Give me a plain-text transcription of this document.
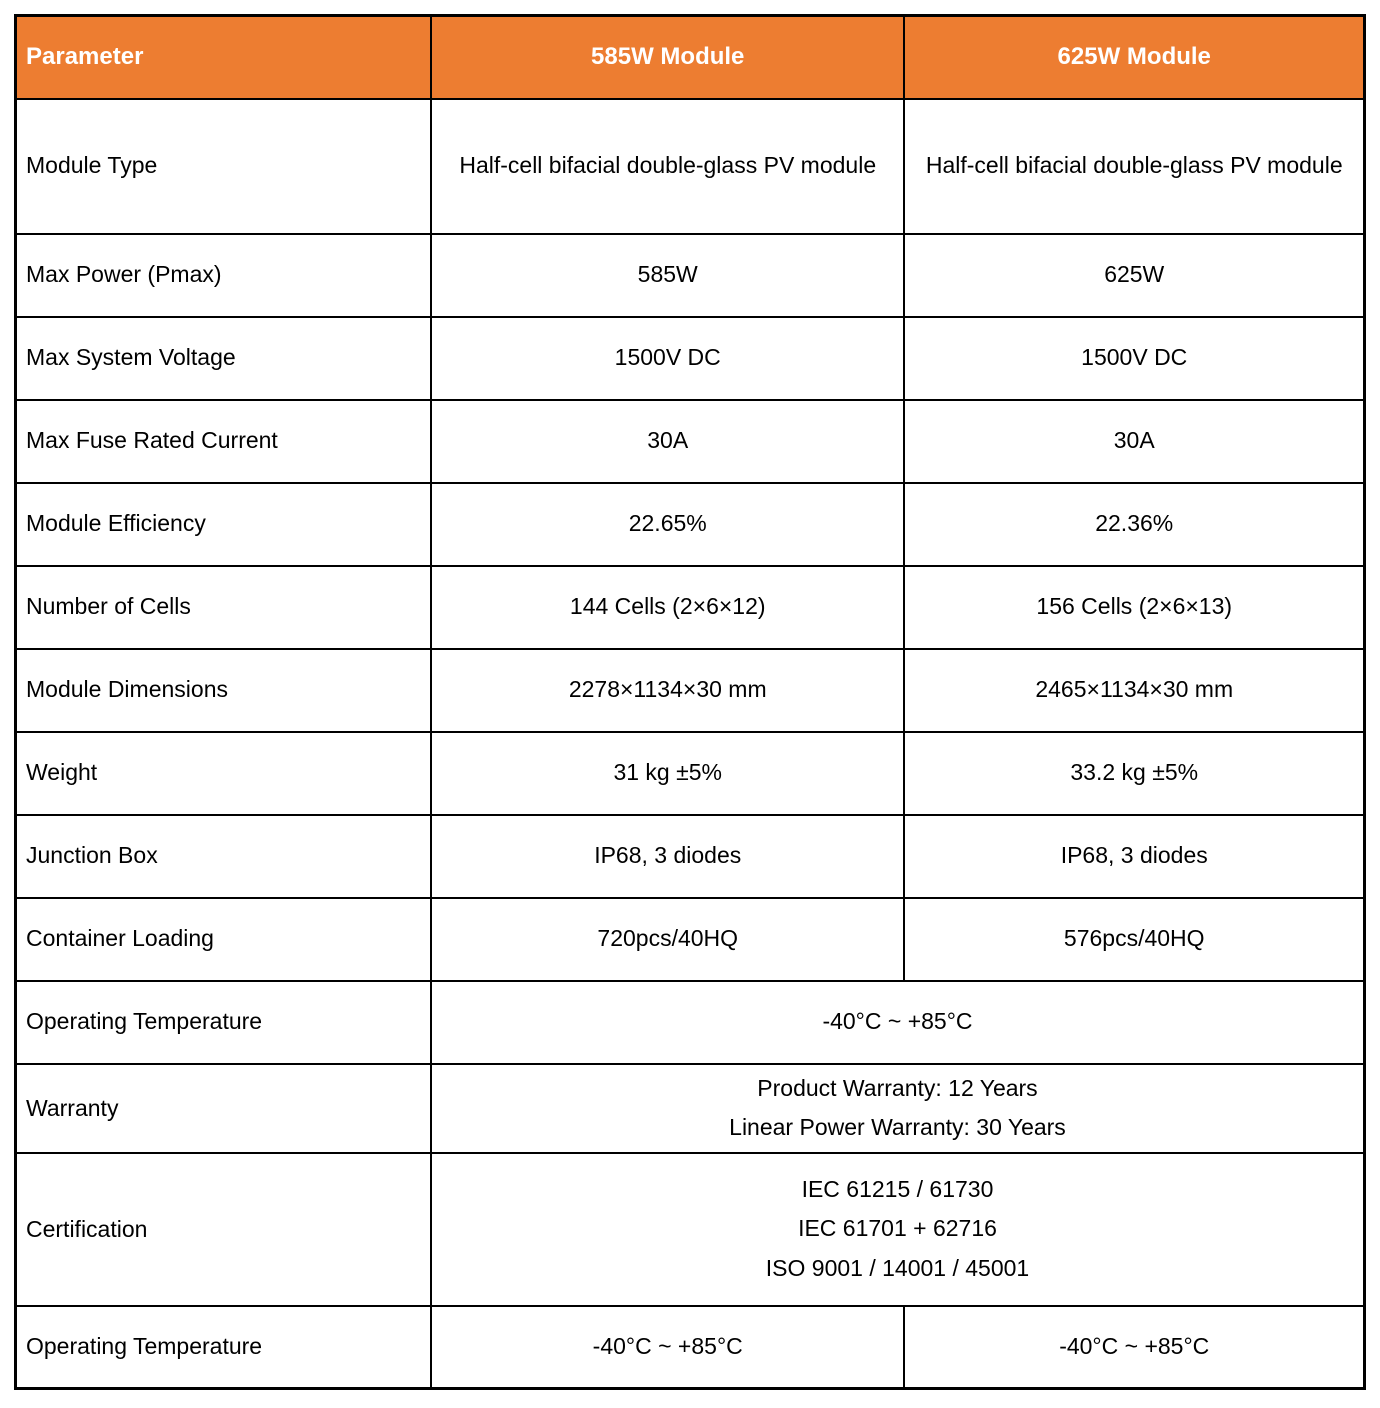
Parameter	585W Module	625W Module
Module Type	Half-cell bifacial double-glass PV module	Half-cell bifacial double-glass PV module
Max Power (Pmax)	585W	625W
Max System Voltage	1500V DC	1500V DC
Max Fuse Rated Current	30A	30A
Module Efficiency	22.65%	22.36%
Number of Cells	144 Cells (2×6×12)	156 Cells (2×6×13)
Module Dimensions	2278×1134×30 mm	2465×1134×30 mm
Weight	31 kg ±5%	33.2 kg ±5%
Junction Box	IP68, 3 diodes	IP68, 3 diodes
Container Loading	720pcs/40HQ	576pcs/40HQ
Operating Temperature	-40°C ~ +85°C	
Warranty	Product Warranty: 12 Years
Linear Power Warranty: 30 Years	

Certification	IEC 61215 / 61730
IEC 61701 + 62716
ISO 9001 / 14001 / 45001	

Operating Temperature	-40°C ~ +85°C	-40°C ~ +85°C
